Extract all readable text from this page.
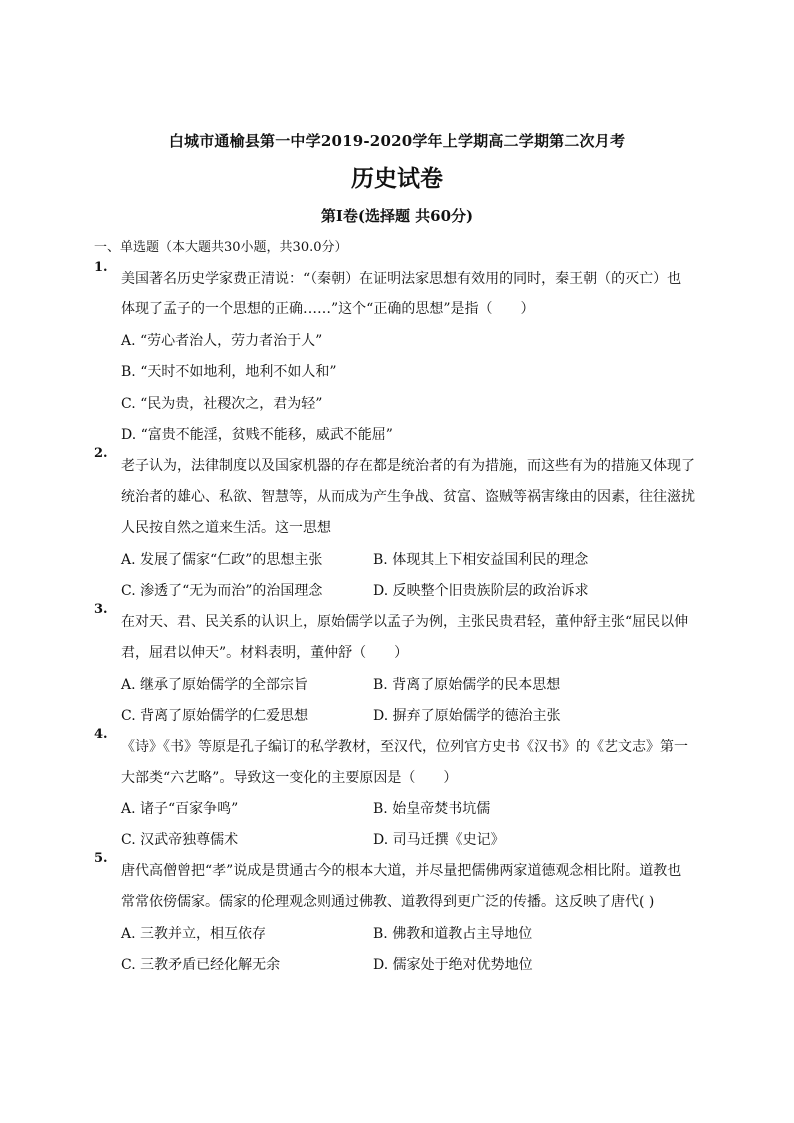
白城市通榆县第一中学2019-2020学年上学期高二学期第二次月考
历史试卷
第Ⅰ卷(选择题 共60分)
一、单选题（本大题共30小题，共30.0分）
1.
美国著名历史学家费正清说：“（秦朝）在证明法家思想有效用的同时，秦王朝（的灭亡）也
体现了孟子的一个思想的正确……”这个“正确的思想”是指（　　）
A. “劳心者治人，劳力者治于人”
B. “天时不如地利，地利不如人和”
C. “民为贵，社稷次之，君为轻”
D. “富贵不能淫，贫贱不能移，威武不能屈”
2.
老子认为，法律制度以及国家机器的存在都是统治者的有为措施，而这些有为的措施又体现了
统治者的雄心、私欲、智慧等，从而成为产生争战、贫富、盗贼等祸害缘由的因素，往往滋扰
人民按自然之道来生活。这一思想
A. 发展了儒家“仁政”的思想主张	B. 体现其上下相安益国利民的理念
C. 渗透了“无为而治”的治国理念	D. 反映整个旧贵族阶层的政治诉求
3.
在对天、君、民关系的认识上，原始儒学以孟子为例，主张民贵君轻，董仲舒主张“屈民以伸
君，屈君以伸天”。材料表明，董仲舒（　　）
A. 继承了原始儒学的全部宗旨	B. 背离了原始儒学的民本思想
C. 背离了原始儒学的仁爱思想	D. 摒弃了原始儒学的德治主张
4.
《诗》《书》等原是孔子编订的私学教材，至汉代，位列官方史书《汉书》的《艺文志》第一
大部类“六艺略”。导致这一变化的主要原因是（　　）
A. 诸子“百家争鸣”	B. 始皇帝焚书坑儒
C. 汉武帝独尊儒术	D. 司马迁撰《史记》
5.
唐代高僧曾把“孝”说成是贯通古今的根本大道，并尽量把儒佛两家道德观念相比附。道教也
常常依傍儒家。儒家的伦理观念则通过佛教、道教得到更广泛的传播。这反映了唐代( )
A. 三教并立，相互依存	B. 佛教和道教占主导地位
C. 三教矛盾已经化解无余	D. 儒家处于绝对优势地位
